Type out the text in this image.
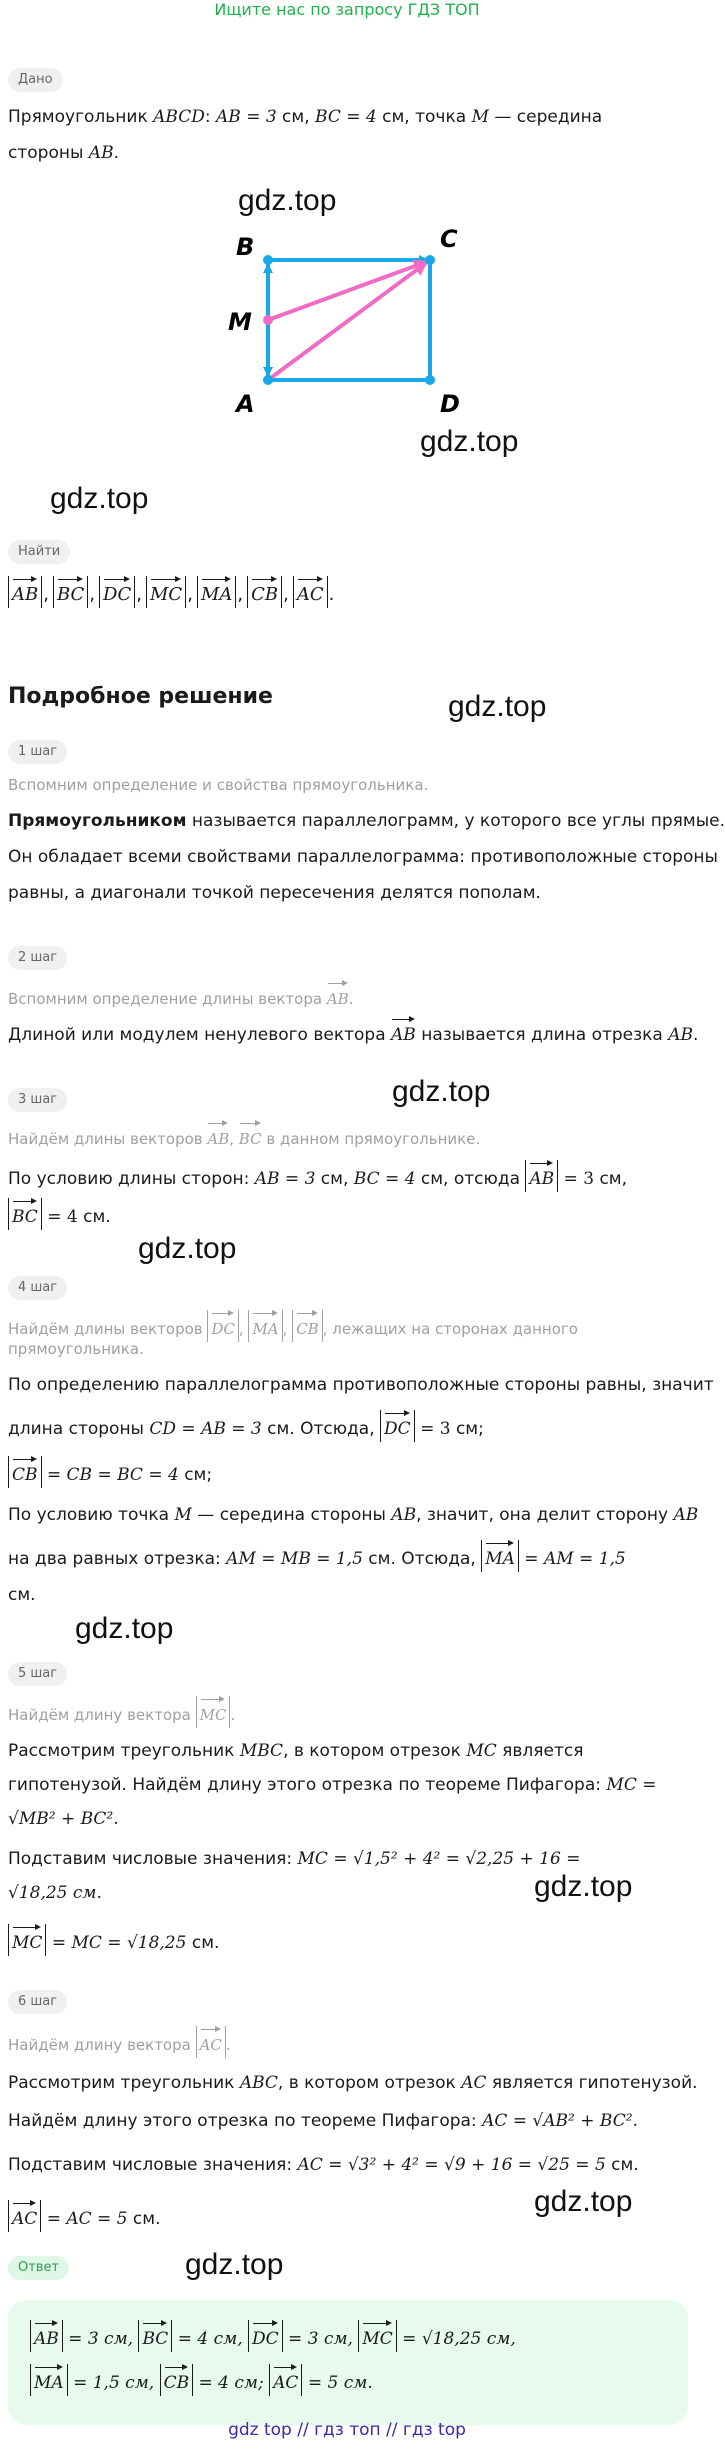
Ищите нас по запросу ГДЗ ТОП
Дано
Прямоугольник ABCD: AB = 3 см, BC = 4 см, точка M — середина
стороны AB.
gdz.top
B	C
M
A	D
gdz.top
gdz.top
Найти
AB , BC , DC , MC , MA , CB , AC .
Подробное решение	gdz.top
1 шаг
Вспомним определение и свойства прямоугольника.
Прямоугольником называется параллелограмм, у которого все углы прямые.
Он обладает всеми свойствами параллелограмма: противоположные стороны
равны, а диагонали точкой пересечения делятся пополам.
2 шаг
Вспомним определение длины вектора AB.
Длиной или модулем ненулевого вектора AB называется длина отрезка AB.
gdz.top
3 шаг
Найдём длины векторов AB, BC в данном прямоугольнике.
По условию длины сторон: AB = 3 см, BC = 4 см, отсюда AB = 3 см,
BC = 4 см.
gdz.top
4 шаг
Найдём длины векторов DC , MA , CB , лежащих на сторонах данного
прямоугольника.
По определению параллелограмма противоположные стороны равны, значит
длина стороны CD = AB = 3 см. Отсюда, DC = 3 см;
CB = CB = BC = 4 см;
По условию точка M — середина стороны AB, значит, она делит сторону AB
на два равных отрезка: AM = MB = 1,5 см. Отсюда, MA = AM = 1,5
см.
gdz.top
5 шаг
Найдём длину вектора MC .
Рассмотрим треугольник MBC, в котором отрезок MC является
гипотенузой. Найдём длину этого отрезка по теореме Пифагора: MC =
√MB² + BC².
Подставим числовые значения: MC = √1,5² + 4² = √2,25 + 16 =
√18,25 см.	gdz.top
MC = MC = √18,25 см.
6 шаг
Найдём длину вектора AC .
Рассмотрим треугольник ABC, в котором отрезок AC является гипотенузой.
Найдём длину этого отрезка по теореме Пифагора: AC = √AB² + BC².
Подставим числовые значения: AC = √3² + 4² = √9 + 16 = √25 = 5 см.
gdz.top
AC = AC = 5 см.
Ответ	gdz.top
AB = 3 см, BC = 4 см, DC = 3 см, MC = √18,25 см,
MA = 1,5 см, CB = 4 см; AC = 5 см.
gdz top // гдз топ // гдз top
